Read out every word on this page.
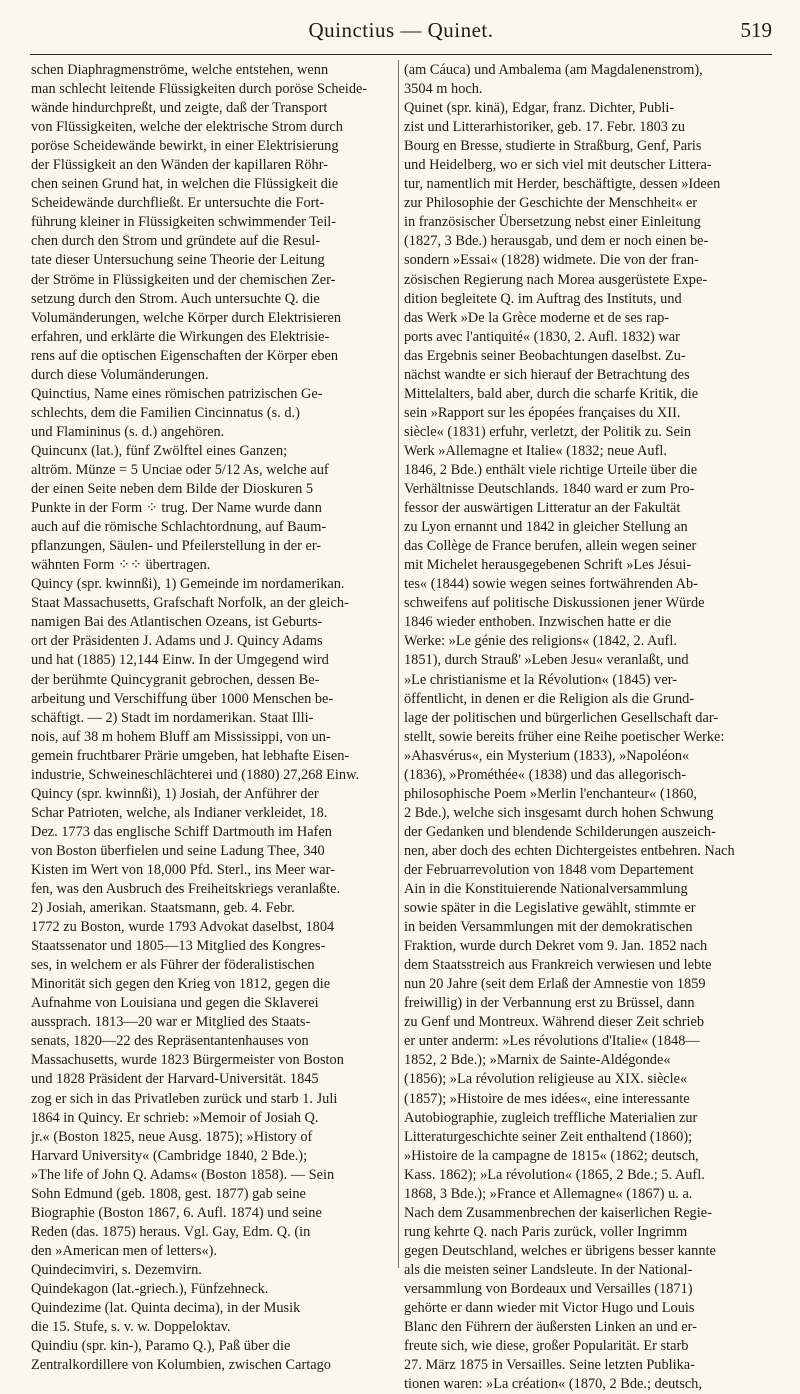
Quinctius — Quinet.	519
schen Diaphragmenströme, welche entstehen, wenn
man schlecht leitende Flüssigkeiten durch poröse Scheide-
wände hindurchpreßt, und zeigte, daß der Transport
von Flüssigkeiten, welche der elektrische Strom durch
poröse Scheidewände bewirkt, in einer Elektrisierung
der Flüssigkeit an den Wänden der kapillaren Röhr-
chen seinen Grund hat, in welchen die Flüssigkeit die
Scheidewände durchfließt. Er untersuchte die Fort-
führung kleiner in Flüssigkeiten schwimmender Teil-
chen durch den Strom und gründete auf die Resul-
tate dieser Untersuchung seine Theorie der Leitung
der Ströme in Flüssigkeiten und der chemischen Zer-
setzung durch den Strom. Auch untersuchte Q. die
Volumänderungen, welche Körper durch Elektrisieren
erfahren, und erklärte die Wirkungen des Elektrisie-
rens auf die optischen Eigenschaften der Körper eben
durch diese Volumänderungen.
Quinctius, Name eines römischen patrizischen Ge-
schlechts, dem die Familien Cincinnatus (s. d.)
und Flamininus (s. d.) angehören.
Quincunx (lat.), fünf Zwölftel eines Ganzen;
altröm. Münze = 5 Unciae oder 5/12 As, welche auf
der einen Seite neben dem Bilde der Dioskuren 5
Punkte in der Form ⁘ trug. Der Name wurde dann
auch auf die römische Schlachtordnung, auf Baum-
pflanzungen, Säulen- und Pfeilerstellung in der er-
wähnten Form ⁘⁘ übertragen.
Quincy (spr. kwinnßi), 1) Gemeinde im nordamerikan.
Staat Massachusetts, Grafschaft Norfolk, an der gleich-
namigen Bai des Atlantischen Ozeans, ist Geburts-
ort der Präsidenten J. Adams und J. Quincy Adams
und hat (1885) 12,144 Einw. In der Umgegend wird
der berühmte Quincygranit gebrochen, dessen Be-
arbeitung und Verschiffung über 1000 Menschen be-
schäftigt. — 2) Stadt im nordamerikan. Staat Illi-
nois, auf 38 m hohem Bluff am Mississippi, von un-
gemein fruchtbarer Prärie umgeben, hat lebhafte Eisen-
industrie, Schweineschlächterei und (1880) 27,268 Einw.
Quincy (spr. kwinnßi), 1) Josiah, der Anführer der
Schar Patrioten, welche, als Indianer verkleidet, 18.
Dez. 1773 das englische Schiff Dartmouth im Hafen
von Boston überfielen und seine Ladung Thee, 340
Kisten im Wert von 18,000 Pfd. Sterl., ins Meer war-
fen, was den Ausbruch des Freiheitskriegs veranlaßte.
2) Josiah, amerikan. Staatsmann, geb. 4. Febr.
1772 zu Boston, wurde 1793 Advokat daselbst, 1804
Staatssenator und 1805—13 Mitglied des Kongres-
ses, in welchem er als Führer der föderalistischen
Minorität sich gegen den Krieg von 1812, gegen die
Aufnahme von Louisiana und gegen die Sklaverei
aussprach. 1813—20 war er Mitglied des Staats-
senats, 1820—22 des Repräsentantenhauses von
Massachusetts, wurde 1823 Bürgermeister von Boston
und 1828 Präsident der Harvard-Universität. 1845
zog er sich in das Privatleben zurück und starb 1. Juli
1864 in Quincy. Er schrieb: »Memoir of Josiah Q.
jr.« (Boston 1825, neue Ausg. 1875); »History of
Harvard University« (Cambridge 1840, 2 Bde.);
»The life of John Q. Adams« (Boston 1858). — Sein
Sohn Edmund (geb. 1808, gest. 1877) gab seine
Biographie (Boston 1867, 6. Aufl. 1874) und seine
Reden (das. 1875) heraus. Vgl. Gay, Edm. Q. (in
den »American men of letters«).
Quindecimviri, s. Dezemvirn.
Quindekagon (lat.-griech.), Fünfzehneck.
Quindezime (lat. Quinta decima), in der Musik
die 15. Stufe, s. v. w. Doppeloktav.
Quindiu (spr. kin-), Paramo Q.), Paß über die
Zentralkordillere von Kolumbien, zwischen Cartago
(am Cáuca) und Ambalema (am Magdalenenstrom),
3504 m hoch.
Quinet (spr. kinä), Edgar, franz. Dichter, Publi-
zist und Litterarhistoriker, geb. 17. Febr. 1803 zu
Bourg en Bresse, studierte in Straßburg, Genf, Paris
und Heidelberg, wo er sich viel mit deutscher Littera-
tur, namentlich mit Herder, beschäftigte, dessen »Ideen
zur Philosophie der Geschichte der Menschheit« er
in französischer Übersetzung nebst einer Einleitung
(1827, 3 Bde.) herausgab, und dem er noch einen be-
sondern »Essai« (1828) widmete. Die von der fran-
zösischen Regierung nach Morea ausgerüstete Expe-
dition begleitete Q. im Auftrag des Instituts, und
das Werk »De la Grèce moderne et de ses rap-
ports avec l'antiquité« (1830, 2. Aufl. 1832) war
das Ergebnis seiner Beobachtungen daselbst. Zu-
nächst wandte er sich hierauf der Betrachtung des
Mittelalters, bald aber, durch die scharfe Kritik, die
sein »Rapport sur les épopées françaises du XII.
siècle« (1831) erfuhr, verletzt, der Politik zu. Sein
Werk »Allemagne et Italie« (1832; neue Aufl.
1846, 2 Bde.) enthält viele richtige Urteile über die
Verhältnisse Deutschlands. 1840 ward er zum Pro-
fessor der auswärtigen Litteratur an der Fakultät
zu Lyon ernannt und 1842 in gleicher Stellung an
das Collège de France berufen, allein wegen seiner
mit Michelet herausgegebenen Schrift »Les Jésui-
tes« (1844) sowie wegen seines fortwährenden Ab-
schweifens auf politische Diskussionen jener Würde
1846 wieder enthoben. Inzwischen hatte er die
Werke: »Le génie des religions« (1842, 2. Aufl.
1851), durch Strauß' »Leben Jesu« veranlaßt, und
»Le christianisme et la Révolution« (1845) ver-
öffentlicht, in denen er die Religion als die Grund-
lage der politischen und bürgerlichen Gesellschaft dar-
stellt, sowie bereits früher eine Reihe poetischer Werke:
»Ahasvérus«, ein Mysterium (1833), »Napoléon«
(1836), »Prométhée« (1838) und das allegorisch-
philosophische Poem »Merlin l'enchanteur« (1860,
2 Bde.), welche sich insgesamt durch hohen Schwung
der Gedanken und blendende Schilderungen auszeich-
nen, aber doch des echten Dichtergeistes entbehren. Nach
der Februarrevolution von 1848 vom Departement
Ain in die Konstituierende Nationalversammlung
sowie später in die Legislative gewählt, stimmte er
in beiden Versammlungen mit der demokratischen
Fraktion, wurde durch Dekret vom 9. Jan. 1852 nach
dem Staatsstreich aus Frankreich verwiesen und lebte
nun 20 Jahre (seit dem Erlaß der Amnestie von 1859
freiwillig) in der Verbannung erst zu Brüssel, dann
zu Genf und Montreux. Während dieser Zeit schrieb
er unter anderm: »Les révolutions d'Italie« (1848—
1852, 2 Bde.); »Marnix de Sainte-Aldégonde«
(1856); »La révolution religieuse au XIX. siècle«
(1857); »Histoire de mes idées«, eine interessante
Autobiographie, zugleich treffliche Materialien zur
Litteraturgeschichte seiner Zeit enthaltend (1860);
»Histoire de la campagne de 1815« (1862; deutsch,
Kass. 1862); »La révolution« (1865, 2 Bde.; 5. Aufl.
1868, 3 Bde.); »France et Allemagne« (1867) u. a.
Nach dem Zusammenbrechen der kaiserlichen Regie-
rung kehrte Q. nach Paris zurück, voller Ingrimm
gegen Deutschland, welches er übrigens besser kannte
als die meisten seiner Landsleute. In der National-
versammlung von Bordeaux und Versailles (1871)
gehörte er dann wieder mit Victor Hugo und Louis
Blanc den Führern der äußersten Linken an und er-
freute sich, wie diese, großer Popularität. Er starb
27. März 1875 in Versailles. Seine letzten Publika-
tionen waren: »La création« (1870, 2 Bde.; deutsch,
